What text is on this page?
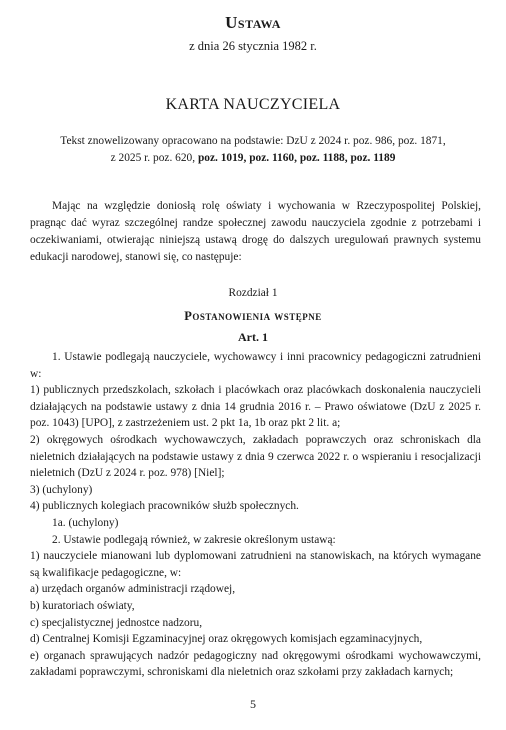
Ustawa
z dnia 26 stycznia 1982 r.
KARTA NAUCZYCIELA
Tekst znowelizowany opracowano na podstawie: DzU z 2024 r. poz. 986, poz. 1871,
z 2025 r. poz. 620, poz. 1019, poz. 1160, poz. 1188, poz. 1189
Mając na względzie doniosłą rolę oświaty i wychowania w Rzeczypospolitej Polskiej, pragnąc dać wyraz szczególnej randze społecznej zawodu nauczyciela zgodnie z potrzebami i oczekiwaniami, otwierając niniejszą ustawą drogę do dalszych uregulowań prawnych systemu edukacji narodowej, stanowi się, co następuje:
Rozdział 1
Postanowienia wstępne
Art. 1

1. Ustawie podlegają nauczyciele, wychowawcy i inni pracownicy pedagogiczni zatrudnieni w:

1) publicznych przedszkolach, szkołach i placówkach oraz placówkach doskonalenia nauczycieli działających na podstawie ustawy z dnia 14 grudnia 2016 r. – Prawo oświatowe (DzU z 2025 r. poz. 1043) [UPO], z zastrzeżeniem ust. 2 pkt 1a, 1b oraz pkt 2 lit. a;

2) okręgowych ośrodkach wychowawczych, zakładach poprawczych oraz schroniskach dla nieletnich działających na podstawie ustawy z dnia 9 czerwca 2022 r. o wspieraniu i resocjalizacji nieletnich (DzU z 2024 r. poz. 978) [Niel];

3) (uchylony)

4) publicznych kolegiach pracowników służb społecznych.

1a. (uchylony)

2. Ustawie podlegają również, w zakresie określonym ustawą:

1) nauczyciele mianowani lub dyplomowani zatrudnieni na stanowiskach, na których wymagane są kwalifikacje pedagogiczne, w:

a) urzędach organów administracji rządowej,

b) kuratoriach oświaty,

c) specjalistycznej jednostce nadzoru,

d) Centralnej Komisji Egzaminacyjnej oraz okręgowych komisjach egzaminacyjnych,

e) organach sprawujących nadzór pedagogiczny nad okręgowymi ośrodkami wychowawczymi, zakładami poprawczymi, schroniskami dla nieletnich oraz szkołami przy zakładach karnych;

5
